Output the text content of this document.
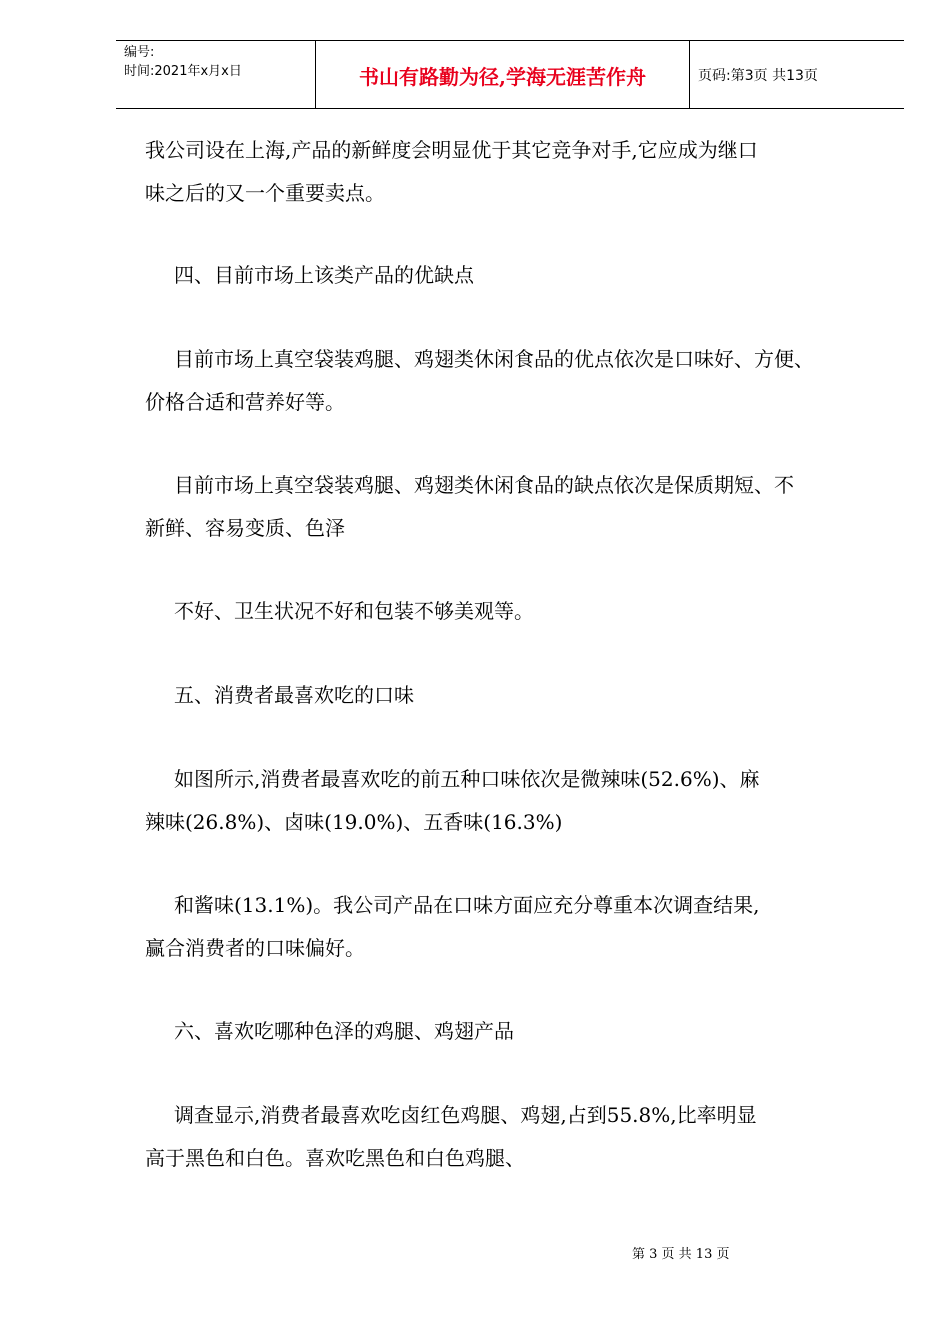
编号:
时间:2021年x月x日	书山有路勤为径,学海无涯苦作舟	页码:第3页 共13页
我公司设在上海,产品的新鲜度会明显优于其它竞争对手,它应成为继口
味之后的又一个重要卖点。
四、目前市场上该类产品的优缺点
目前市场上真空袋装鸡腿、鸡翅类休闲食品的优点依次是口味好、方便、
价格合适和营养好等。
目前市场上真空袋装鸡腿、鸡翅类休闲食品的缺点依次是保质期短、不
新鲜、容易变质、色泽
不好、卫生状况不好和包装不够美观等。
五、消费者最喜欢吃的口味
如图所示,消费者最喜欢吃的前五种口味依次是微辣味(52.6%)、麻
辣味(26.8%)、卤味(19.0%)、五香味(16.3%)
和酱味(13.1%)。我公司产品在口味方面应充分尊重本次调查结果,
赢合消费者的口味偏好。
六、喜欢吃哪种色泽的鸡腿、鸡翅产品
调查显示,消费者最喜欢吃卤红色鸡腿、鸡翅,占到55.8%,比率明显
高于黑色和白色。喜欢吃黑色和白色鸡腿、
第 3 页 共 13 页
